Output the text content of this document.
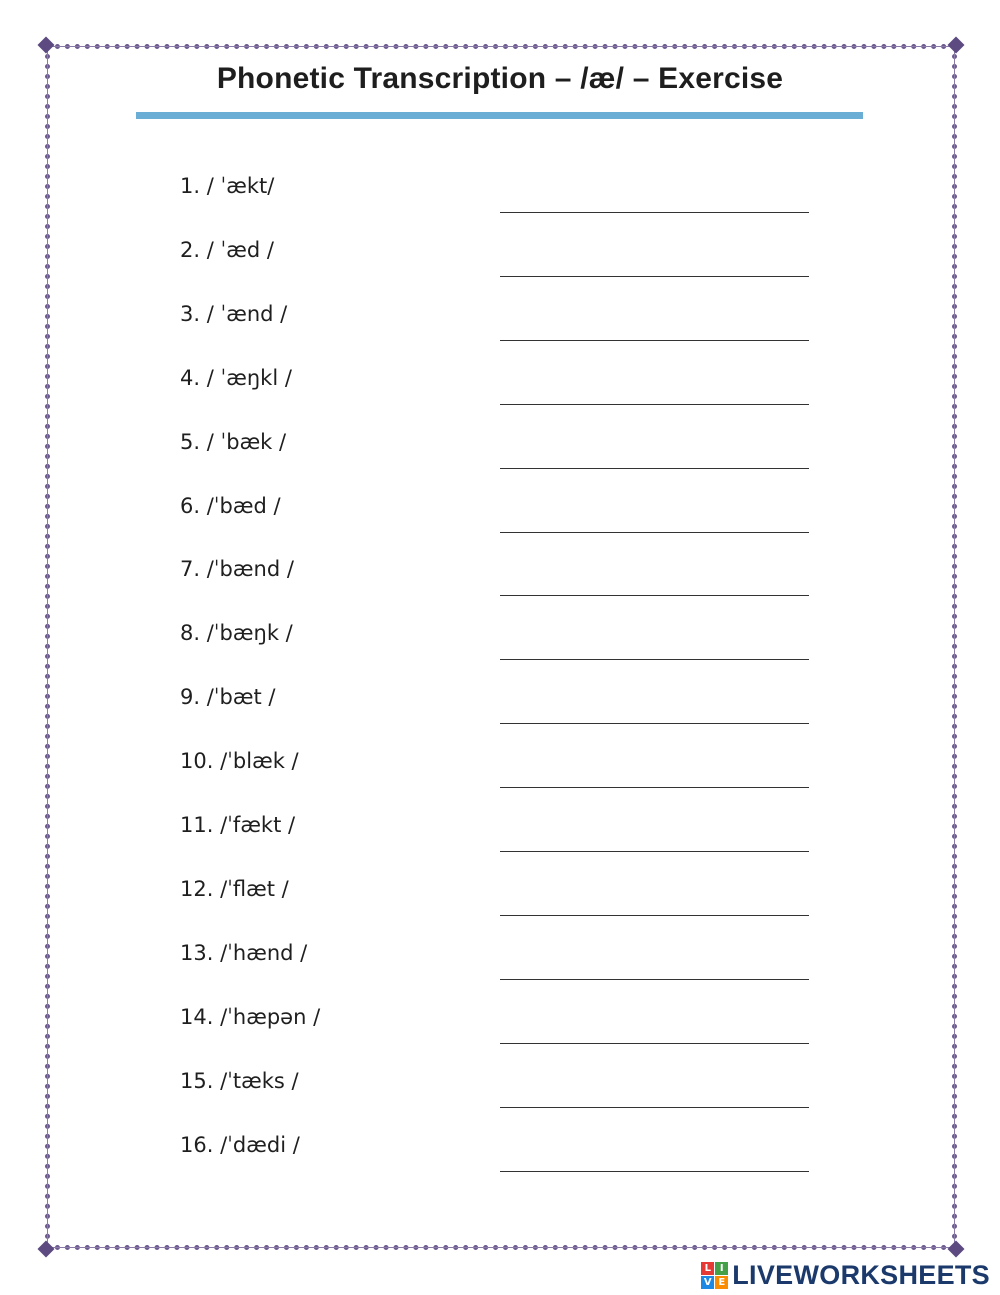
Phonetic Transcription – /æ/ – Exercise
1. / ˈækt/
2. / ˈæd /
3. / ˈænd /
4. / ˈæŋkl /
5. / ˈbæk /
6. /ˈbæd /
7. /ˈbænd /
8. /ˈbæŋk /
9. /ˈbæt /
10. /ˈblæk /
11. /ˈfækt /
12. /ˈflæt /
13. /ˈhænd /
14. /ˈhæpən /
15. /ˈtæks /
16. /ˈdædi /
L I
V E LIVEWORKSHEETS
